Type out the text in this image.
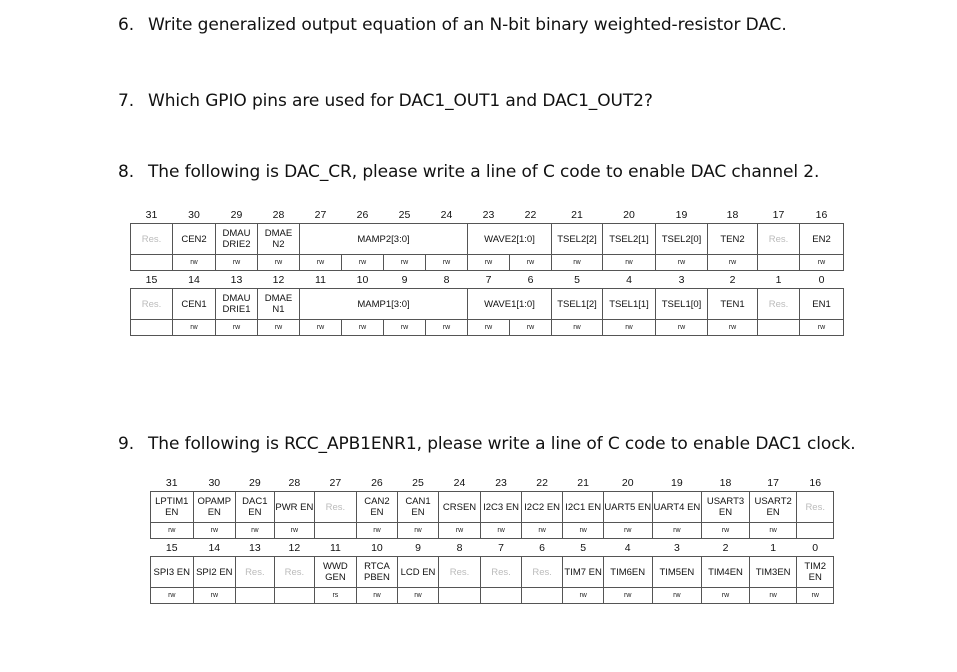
6. Write generalized output equation of an N-bit binary weighted-resistor DAC.
7. Which GPIO pins are used for DAC1_OUT1 and DAC1_OUT2?
8. The following is DAC_CR, please write a line of C code to enable DAC channel 2.
31	30	29	28	27	26	25	24	23	22	21	20	19	18	17	16
Res.	CEN2	DMAU DRIE2	DMAE N2	MAMP2[3:0]				WAVE2[1:0]		TSEL2[2]	TSEL2[1]	TSEL2[0]	TEN2	Res.	EN2
	rw	rw	rw	rw	rw	rw	rw	rw	rw	rw	rw	rw	rw		rw
15	14	13	12	11	10	9	8	7	6	5	4	3	2	1	0
Res.	CEN1	DMAU DRIE1	DMAE N1	MAMP1[3:0]				WAVE1[1:0]		TSEL1[2]	TSEL1[1]	TSEL1[0]	TEN1	Res.	EN1
	rw	rw	rw	rw	rw	rw	rw	rw	rw	rw	rw	rw	rw		rw
9. The following is RCC_APB1ENR1, please write a line of C code to enable DAC1 clock.
31	30	29	28	27	26	25	24	23	22	21	20	19	18	17	16
LPTIM1 EN	OPAMP EN	DAC1 EN	PWR EN	Res.	CAN2 EN	CAN1 EN	CRSEN	I2C3 EN	I2C2 EN	I2C1 EN	UART5 EN	UART4 EN	USART3 EN	USART2 EN	Res.
rw	rw	rw	rw		rw	rw	rw	rw	rw	rw	rw	rw	rw	rw	
15	14	13	12	11	10	9	8	7	6	5	4	3	2	1	0
SPI3 EN	SPI2 EN	Res.	Res.	WWD GEN	RTCA PBEN	LCD EN	Res.	Res.	Res.	TIM7 EN	TIM6EN	TIM5EN	TIM4EN	TIM3EN	TIM2 EN
rw	rw			rs	rw	rw				rw	rw	rw	rw	rw	rw
